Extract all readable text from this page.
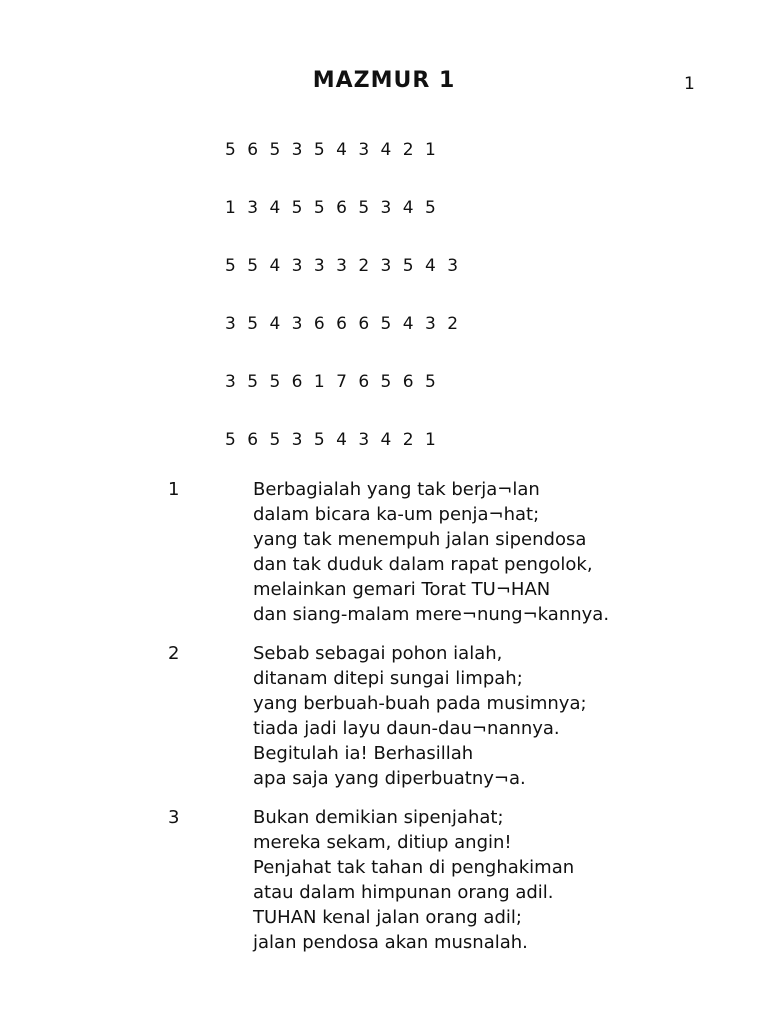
MAZMUR 1	1
5 6 5 3 5 4 3 4 2 1
1 3 4 5 5 6 5 3 4 5
5 5 4 3 3 3 2 3 5 4 3
3 5 4 3 6 6 6 5 4 3 2
3 5 5 6 1 7 6 5 6 5
5 6 5 3 5 4 3 4 2 1
1	Berbagialah yang tak berja¬lan
dalam bicara ka-um penja¬hat;
yang tak menempuh jalan sipendosa
dan tak duduk dalam rapat pengolok,
melainkan gemari Torat TU¬HAN
dan siang-malam mere¬nung¬kannya.
2	Sebab sebagai pohon ialah,
ditanam ditepi sungai limpah;
yang berbuah-buah pada musimnya;
tiada jadi layu daun-dau¬nannya.
Begitulah ia! Berhasillah
apa saja yang diperbuatny¬a.
3	Bukan demikian sipenjahat;
mereka sekam, ditiup angin!
Penjahat tak tahan di penghakiman
atau dalam himpunan orang adil.
TUHAN kenal jalan orang adil;
jalan pendosa akan musnalah.
